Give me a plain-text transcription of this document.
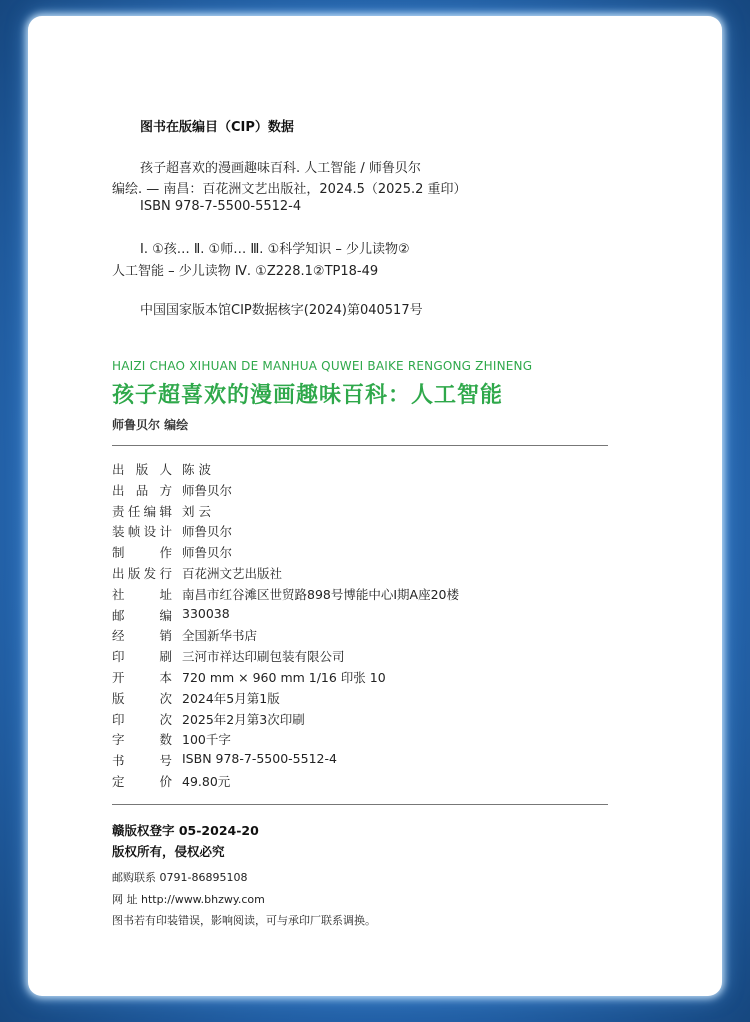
图书在版编目（CIP）数据
孩子超喜欢的漫画趣味百科. 人工智能 / 师鲁贝尔
编绘. — 南昌：百花洲文艺出版社，2024.5（2025.2 重印）
ISBN 978-7-5500-5512-4
Ⅰ. ①孩… Ⅱ. ①师… Ⅲ. ①科学知识 – 少儿读物②
人工智能 – 少儿读物 Ⅳ. ①Z228.1②TP18-49
中国国家版本馆CIP数据核字(2024)第040517号
HAIZI CHAO XIHUAN DE MANHUA QUWEI BAIKE RENGONG ZHINENG
孩子超喜欢的漫画趣味百科：人工智能
师鲁贝尔 编绘
出版人 陈 波
出品方 师鲁贝尔
责任编辑 刘 云
装帧设计 师鲁贝尔
制作 师鲁贝尔
出版发行 百花洲文艺出版社
社址 南昌市红谷滩区世贸路898号博能中心Ⅰ期A座20楼
邮编 330038
经销 全国新华书店
印刷 三河市祥达印刷包装有限公司
开本 720 mm × 960 mm 1/16 印张 10
版次 2024年5月第1版
印次 2025年2月第3次印刷
字数 100千字
书号 ISBN 978-7-5500-5512-4
定价 49.80元
赣版权登字 05-2024-20
版权所有，侵权必究
邮购联系 0791-86895108
网 址 http://www.bhzwy.com
图书若有印装错误，影响阅读，可与承印厂联系调换。
